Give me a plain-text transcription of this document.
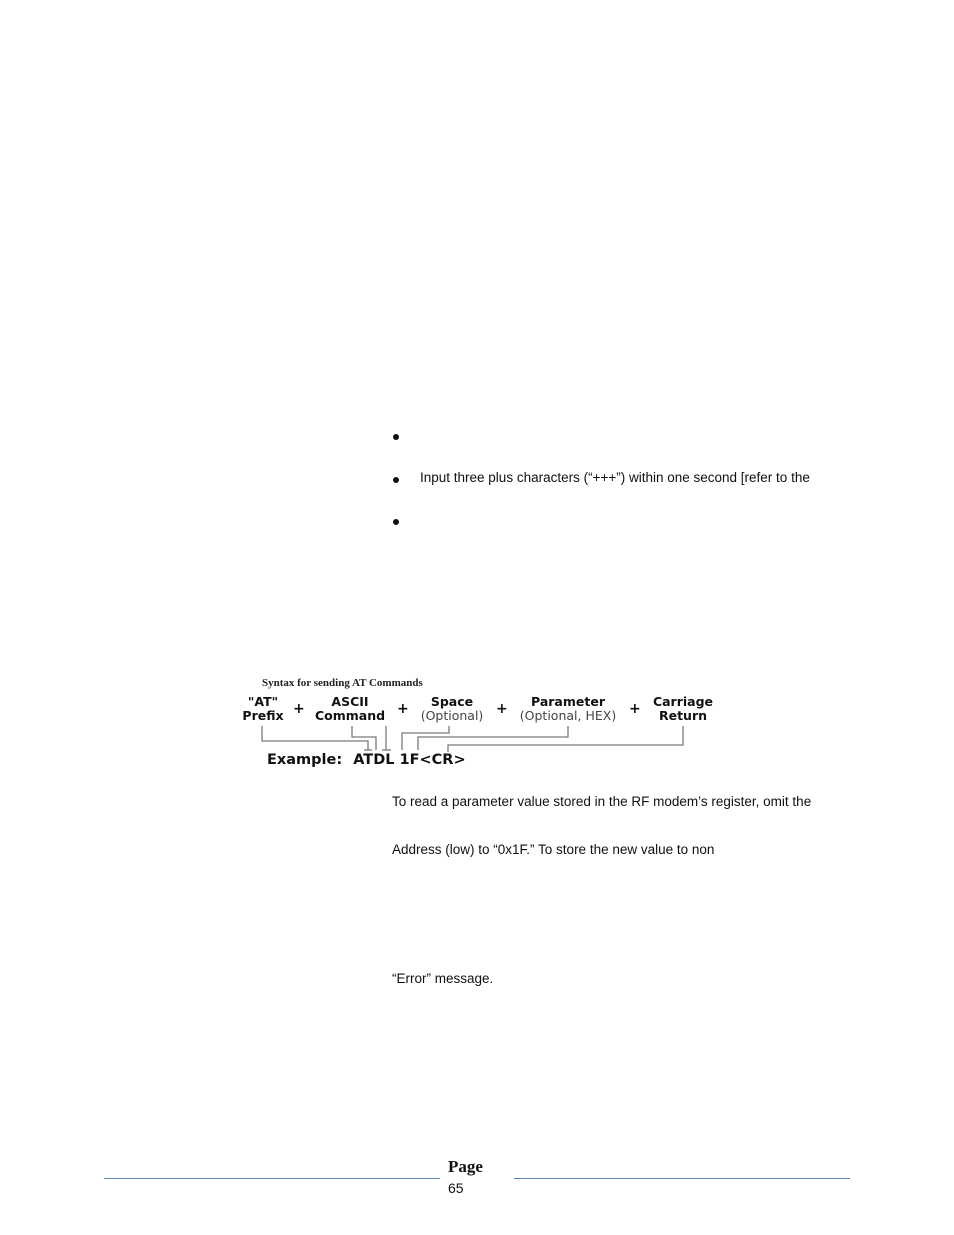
Input three plus characters (“+++”) within one second [refer to the
Syntax for sending AT Commands
"AT"
Prefix +	ASCII
Command +	Space
(Optional) +	Parameter
(Optional, HEX) + Carriage
Return
Example: ATDL 1F<CR>
To read a parameter value stored in the RF modem’s register, omit the
Address (low) to “0x1F.” To store the new value to non
“Error” message.
Page
65
